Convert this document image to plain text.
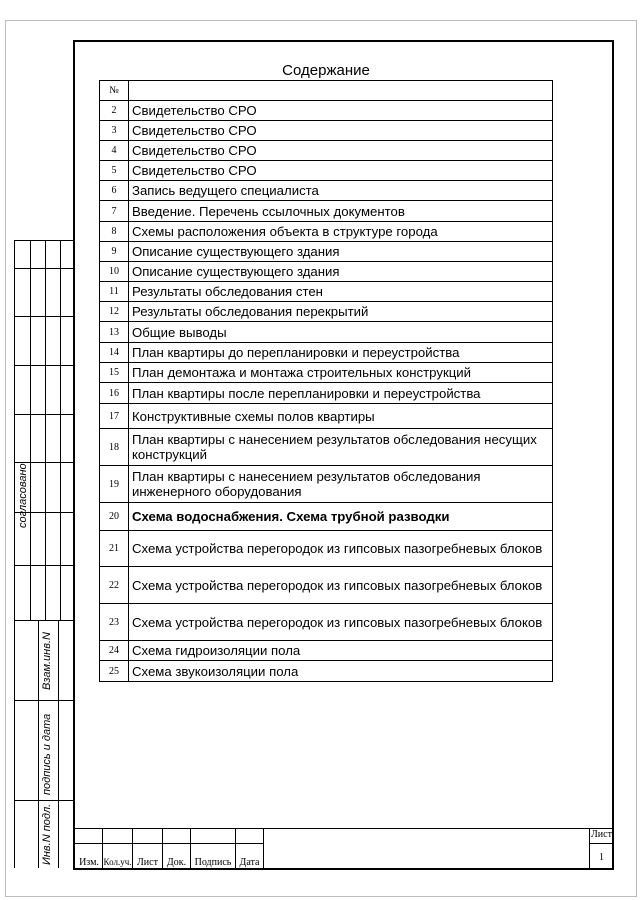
согласовано
Взам.инв.N
подпись и дата
Инв.N подл.
Содержание
№	
2	Свидетельство СРО
3	Свидетельство СРО
4	Свидетельство СРО
5	Свидетельство СРО
6	Запись ведущего специалиста
7	Введение. Перечень ссылочных документов
8	Схемы расположения объекта в структуре города
9	Описание существующего здания
10	Описание существующего здания
11	Результаты обследования стен
12	Результаты обследования перекрытий
13	Общие выводы
14	План квартиры до перепланировки и переустройства
15	План демонтажа и монтажа строительных конструкций
16	План квартиры после перепланировки и переустройства
17	Конструктивные схемы полов квартиры
18	План квартиры с нанесением результатов обследования несущих конструкций
19	План квартиры с нанесением результатов обследования инженерного оборудования
20	Схема водоснабжения. Схема трубной разводки
21	Схема устройства перегородок из гипсовых пазогребневых блоков
22	Схема устройства перегородок из гипсовых пазогребневых блоков
23	Схема устройства перегородок из гипсовых пазогребневых блоков
24	Схема гидроизоляции пола
25	Схема звукоизоляции пола
Изм. Кол.уч. Лист Док. Подпись Дата
Лист
1
